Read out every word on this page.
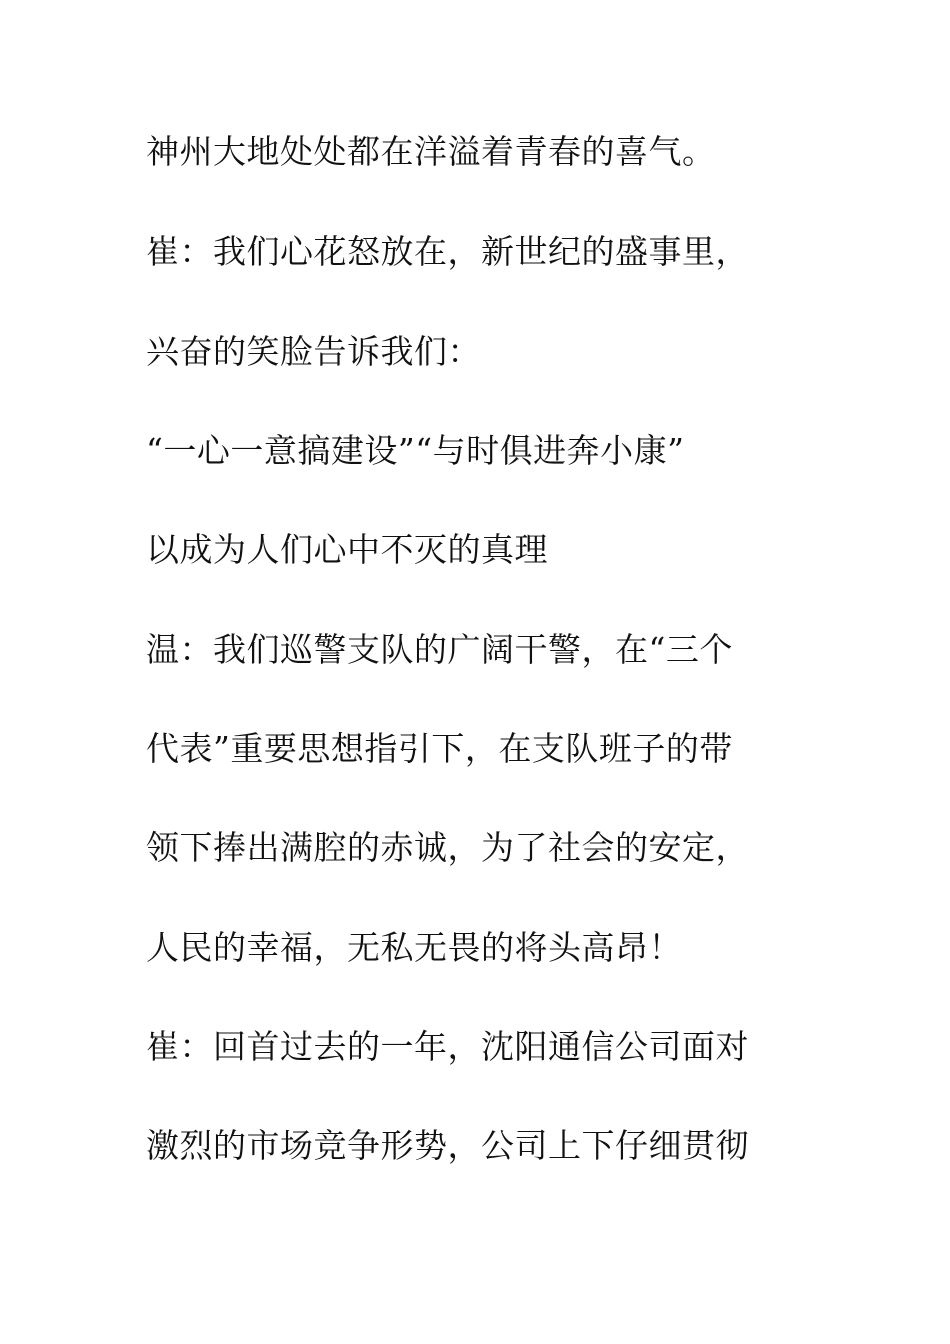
神州大地处处都在洋溢着青春的喜气。
崔：我们心花怒放在，新世纪的盛事里，
兴奋的笑脸告诉我们：
“一心一意搞建设”“与时俱进奔小康”
以成为人们心中不灭的真理
温：我们巡警支队的广阔干警，在“三个
代表”重要思想指引下，在支队班子的带
领下捧出满腔的赤诚，为了社会的安定，
人民的幸福，无私无畏的将头高昂！
崔：回首过去的一年，沈阳通信公司面对
激烈的市场竞争形势，公司上下仔细贯彻
